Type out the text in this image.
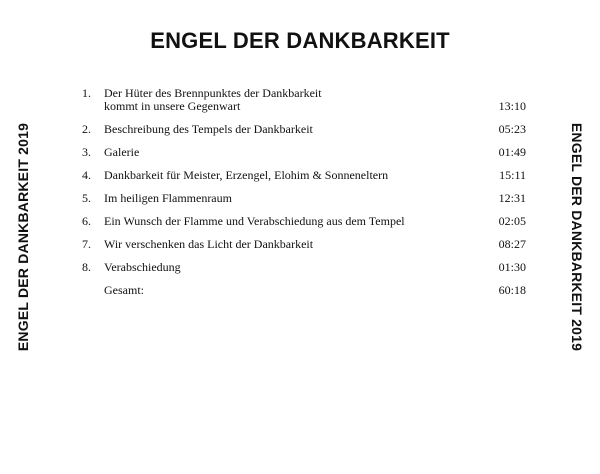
ENGEL DER DANKBARKEIT
ENGEL DER DANKBARKEIT 2019	ENGEL DER DANKBARKEIT 2019
1.	Der Hüter des Brennpunktes der Dankbarkeit
kommt in unsere Gegenwart	13:10
2.	Beschreibung des Tempels der Dankbarkeit	05:23
3.	Galerie	01:49
4.	Dankbarkeit für Meister, Erzengel, Elohim & Sonneneltern	15:11
5.	Im heiligen Flammenraum	12:31
6.	Ein Wunsch der Flamme und Verabschiedung aus dem Tempel	02:05
7.	Wir verschenken das Licht der Dankbarkeit	08:27
8.	Verabschiedung	01:30
Gesamt:	60:18
